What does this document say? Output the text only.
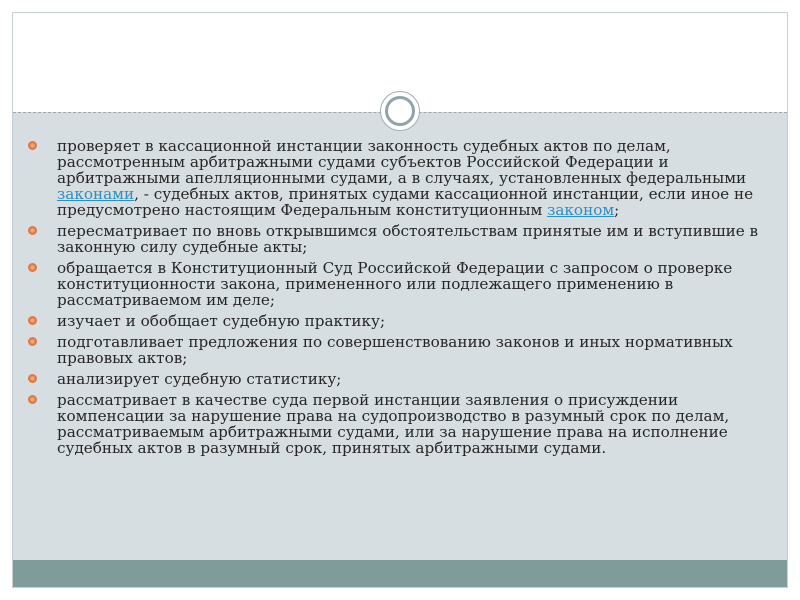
проверяет в кассационной инстанции законность судебных актов по делам, рассмотренным арбитражными судами субъектов Российской Федерации и арбитражными апелляционными судами, а в случаях, установленных федеральными законами, - судебных актов, принятых судами кассационной инстанции, если иное не предусмотрено настоящим Федеральным конституционным законом;
пересматривает по вновь открывшимся обстоятельствам принятые им и вступившие в законную силу судебные акты;
обращается в Конституционный Суд Российской Федерации с запросом о проверке конституционности закона, примененного или подлежащего применению в рассматриваемом им деле;
изучает и обобщает судебную практику;
подготавливает предложения по совершенствованию законов и иных нормативных правовых актов;
анализирует судебную статистику;
рассматривает в качестве суда первой инстанции заявления о присуждении компенсации за нарушение права на судопроизводство в разумный срок по делам, рассматриваемым арбитражными судами, или за нарушение права на исполнение судебных актов в разумный срок, принятых арбитражными судами.
